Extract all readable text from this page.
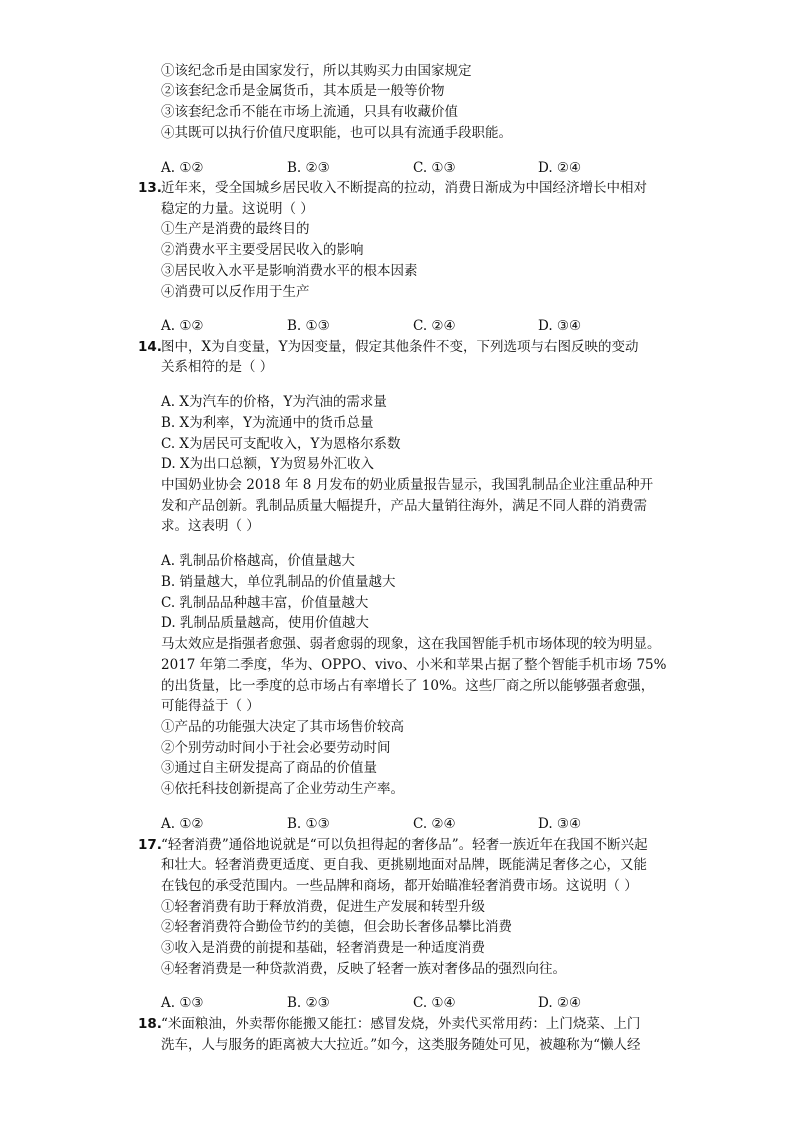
①该纪念币是由国家发行，所以其购买力由国家规定
②该套纪念币是金属货币，其本质是一般等价物
③该套纪念币不能在市场上流通，只具有收藏价值
④其既可以执行价值尺度职能，也可以具有流通手段职能。
A. ①②	B. ②③	C. ①③	D. ②④
13. 近年来，受全国城乡居民收入不断提高的拉动，消费日渐成为中国经济增长中相对
稳定的力量。这说明（ ）
①生产是消费的最终目的
②消费水平主要受居民收入的影响
③居民收入水平是影响消费水平的根本因素
④消费可以反作用于生产
A. ①②	B. ①③	C. ②④	D. ③④
14. 图中，X为自变量，Y为因变量，假定其他条件不变，下列选项与右图反映的变动
关系相符的是（ ）
A. X为汽车的价格，Y为汽油的需求量
B. X为利率，Y为流通中的货币总量
C. X为居民可支配收入，Y为恩格尔系数
D. X为出口总额，Y为贸易外汇收入
中国奶业协会 2018 年 8 月发布的奶业质量报告显示，我国乳制品企业注重品种开
发和产品创新。乳制品质量大幅提升，产品大量销往海外，满足不同人群的消费需
求。这表明（ ）
A. 乳制品价格越高，价值量越大
B. 销量越大，单位乳制品的价值量越大
C. 乳制品品种越丰富，价值量越大
D. 乳制品质量越高，使用价值越大
马太效应是指强者愈强、弱者愈弱的现象，这在我国智能手机市场体现的较为明显。
2017 年第二季度，华为、OPPO、vivo、小米和苹果占据了整个智能手机市场 75%
的出货量，比一季度的总市场占有率增长了 10%。这些厂商之所以能够强者愈强，
可能得益于（ ）
①产品的功能强大决定了其市场售价较高
②个别劳动时间小于社会必要劳动时间
③通过自主研发提高了商品的价值量
④依托科技创新提高了企业劳动生产率。
A. ①②	B. ①③	C. ②④	D. ③④
17. “轻奢消费”通俗地说就是“可以负担得起的奢侈品”。轻奢一族近年在我国不断兴起
和壮大。轻奢消费更适度、更自我、更挑剔地面对品牌，既能满足奢侈之心，又能
在钱包的承受范围内。一些品牌和商场，都开始瞄准轻奢消费市场。这说明（ ）
①轻奢消费有助于释放消费，促进生产发展和转型升级
②轻奢消费符合勤俭节约的美德，但会助长奢侈品攀比消费
③收入是消费的前提和基础，轻奢消费是一种适度消费
④轻奢消费是一种贷款消费，反映了轻奢一族对奢侈品的强烈向往。
A. ①③	B. ②③	C. ①④	D. ②④
18. “米面粮油，外卖帮你能搬又能扛：感冒发烧，外卖代买常用药：上门烧菜、上门
洗车，人与服务的距离被大大拉近。”如今，这类服务随处可见，被趣称为“懒人经
